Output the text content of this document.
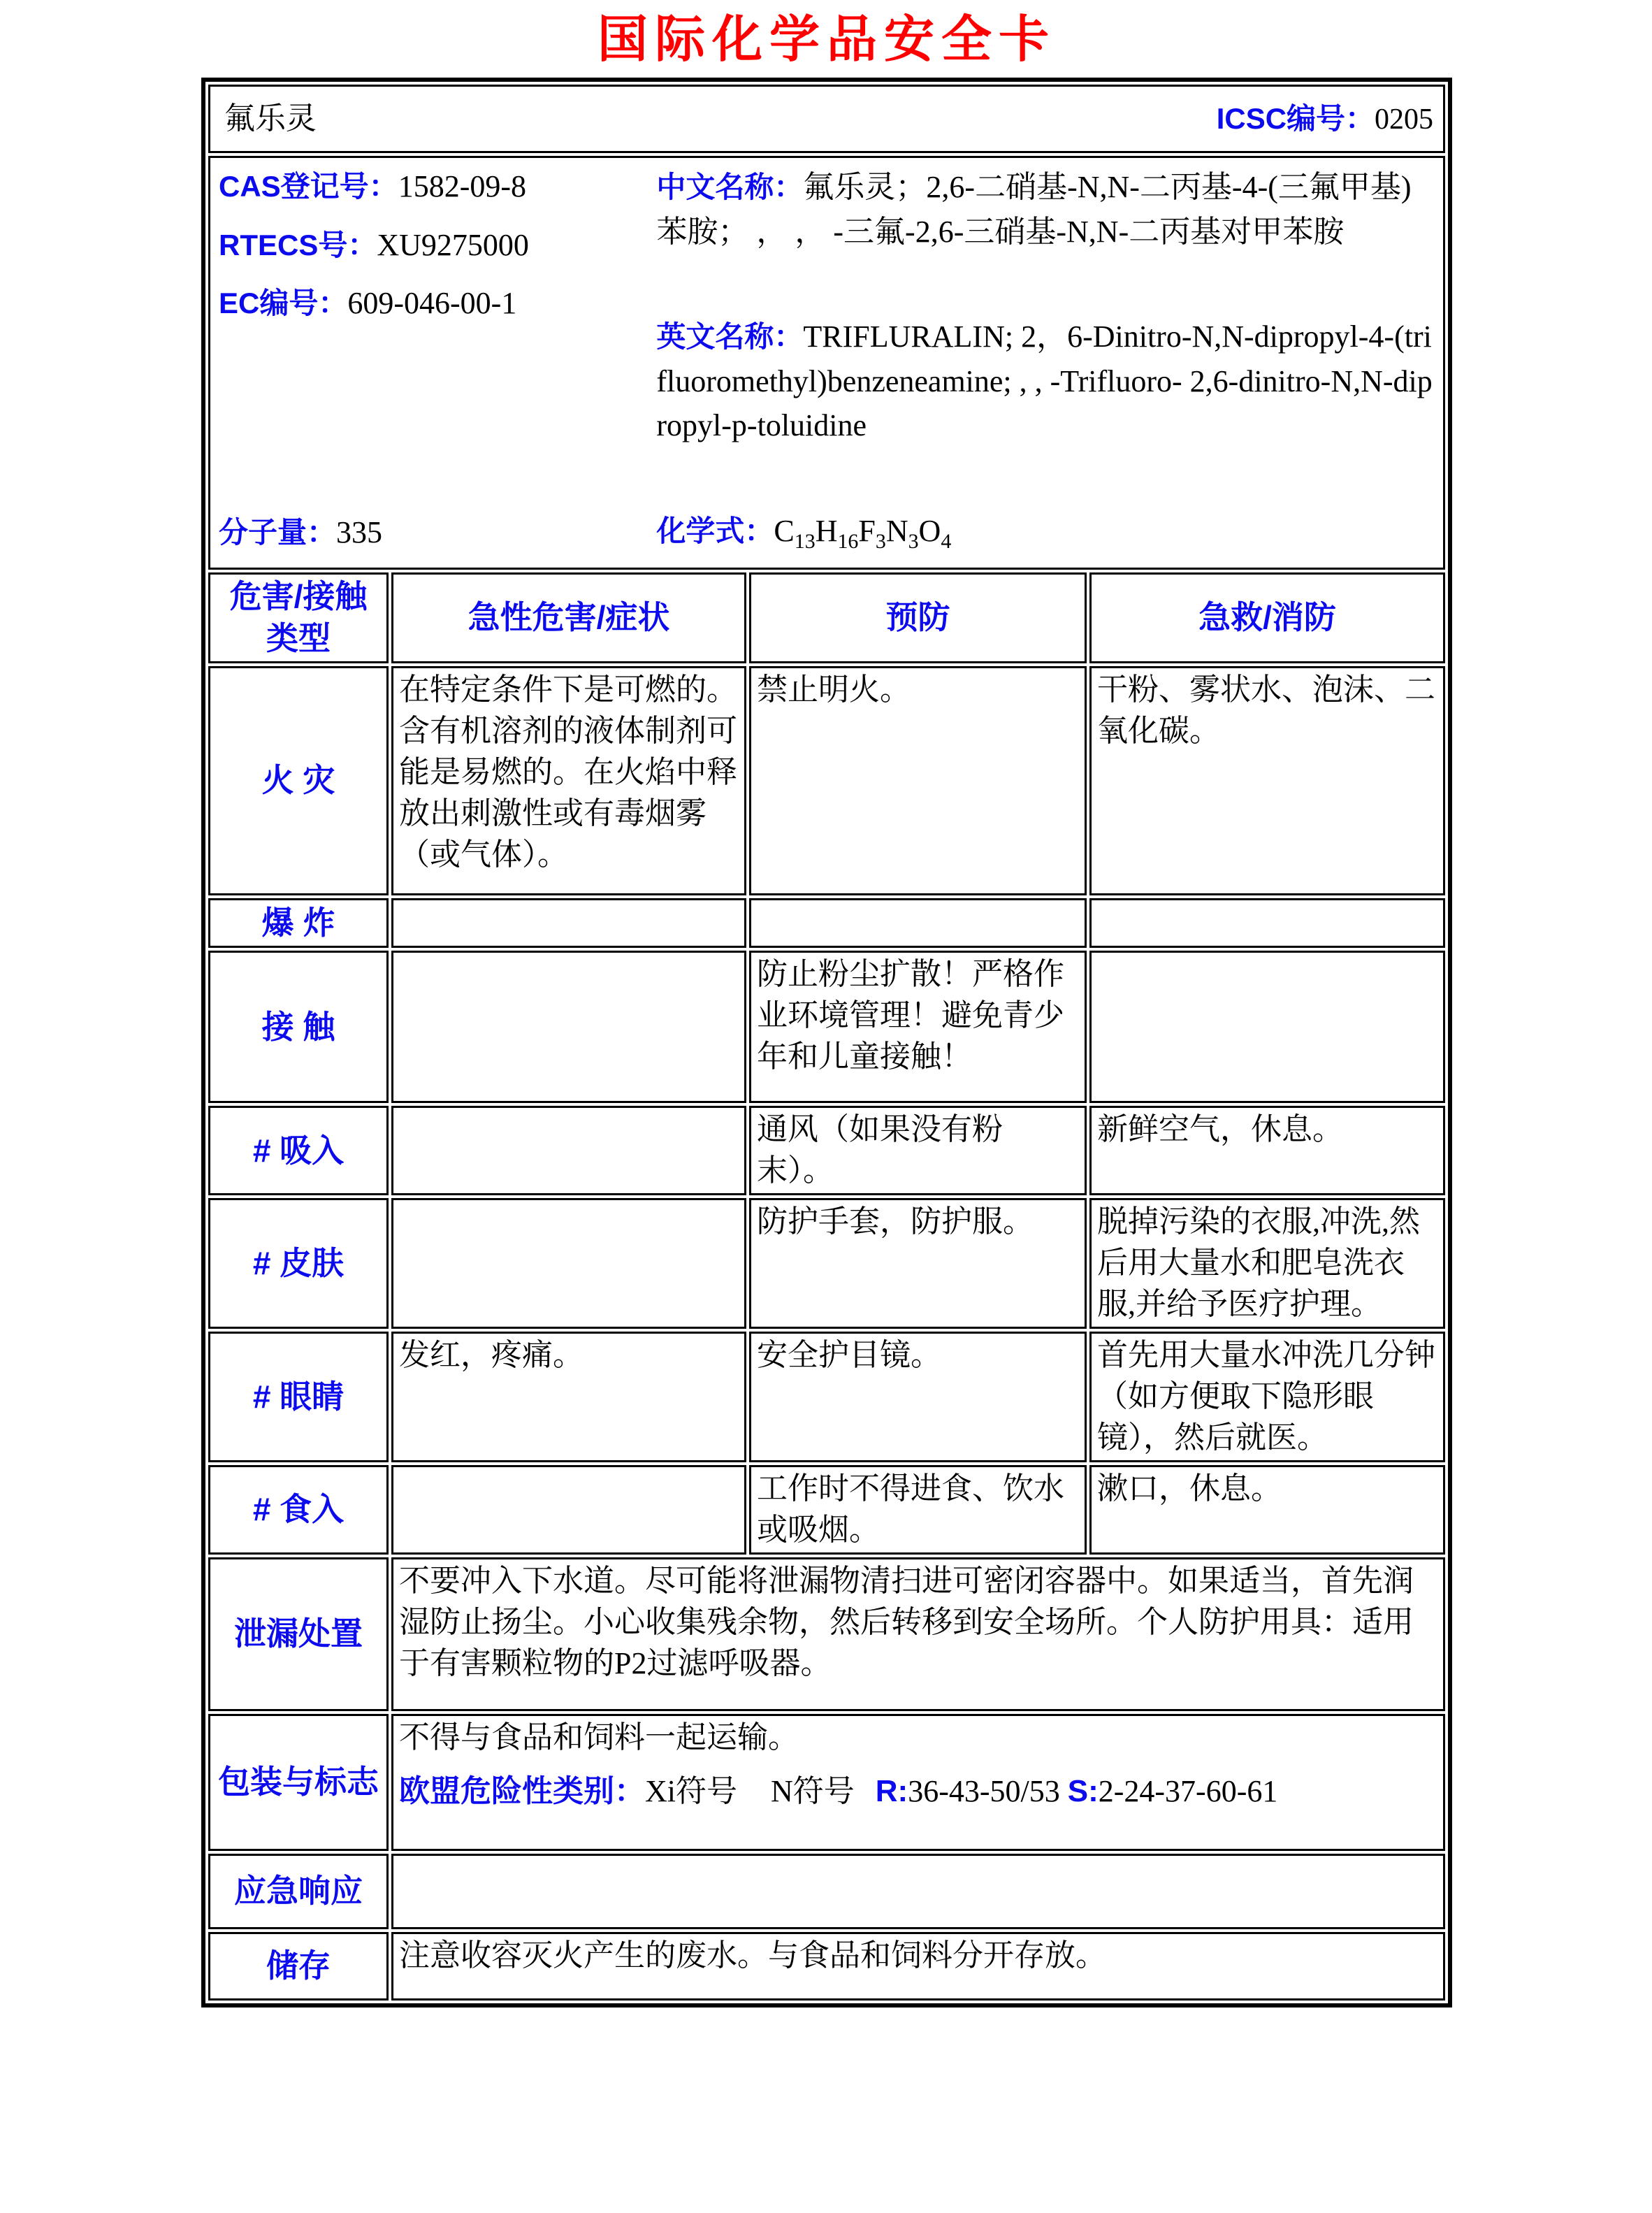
国际化学品安全卡
氟乐灵 ICSC编号：0205			

CAS登记号：1582-09-8

RTECS号：XU9275000

EC编号：609-046-00-1

分子量：335

中文名称：氟乐灵；2,6-二硝基-N,N-二丙基-4-(三氟甲基)苯胺； ， ， -三氟-2,6-三硝基-N,N-二丙基对甲苯胺

英文名称：TRIFLURALIN; 2，6-Dinitro-N,N-dipropyl-4-(tri fluoromethyl)benzeneamine; , , -Trifluoro- 2,6-dinitro-N,N-dipropyl-p-toluidine

化学式：$C_{13}H_{16}F_3N_3O_4$

危害/接触类型	急性危害/症状	预防	急救/消防
火 灾	在特定条件下是可燃的。含有机溶剂的液体制剂可能是易燃的。在火焰中释放出刺激性或有毒烟雾（或气体）。	禁止明火。	干粉、雾状水、泡沫、二氧化碳。
爆 炸			
接 触		防止粉尘扩散！严格作业环境管理！避免青少年和儿童接触！	
# 吸入		通风（如果没有粉末）。	新鲜空气，休息。
# 皮肤		防护手套，防护服。	脱掉污染的衣服,冲洗,然后用大量水和肥皂洗衣服,并给予医疗护理。
# 眼睛	发红，疼痛。	安全护目镜。	首先用大量水冲洗几分钟（如方便取下隐形眼镜），然后就医。
# 食入		工作时不得进食、饮水或吸烟。	漱口，休息。
泄漏处置	不要冲入下水道。尽可能将泄漏物清扫进可密闭容器中。如果适当，首先润湿防止扬尘。小心收集残余物，然后转移到安全场所。个人防护用具：适用于有害颗粒物的P2过滤呼吸器。		
包装与标志	不得与食品和饲料一起运输。
欧盟危险性类别：Xi符号 N符号 R:36-43-50/53 S:2-24-37-60-61		

应急响应			
储存	注意收容灭火产生的废水。与食品和饲料分开存放。		
